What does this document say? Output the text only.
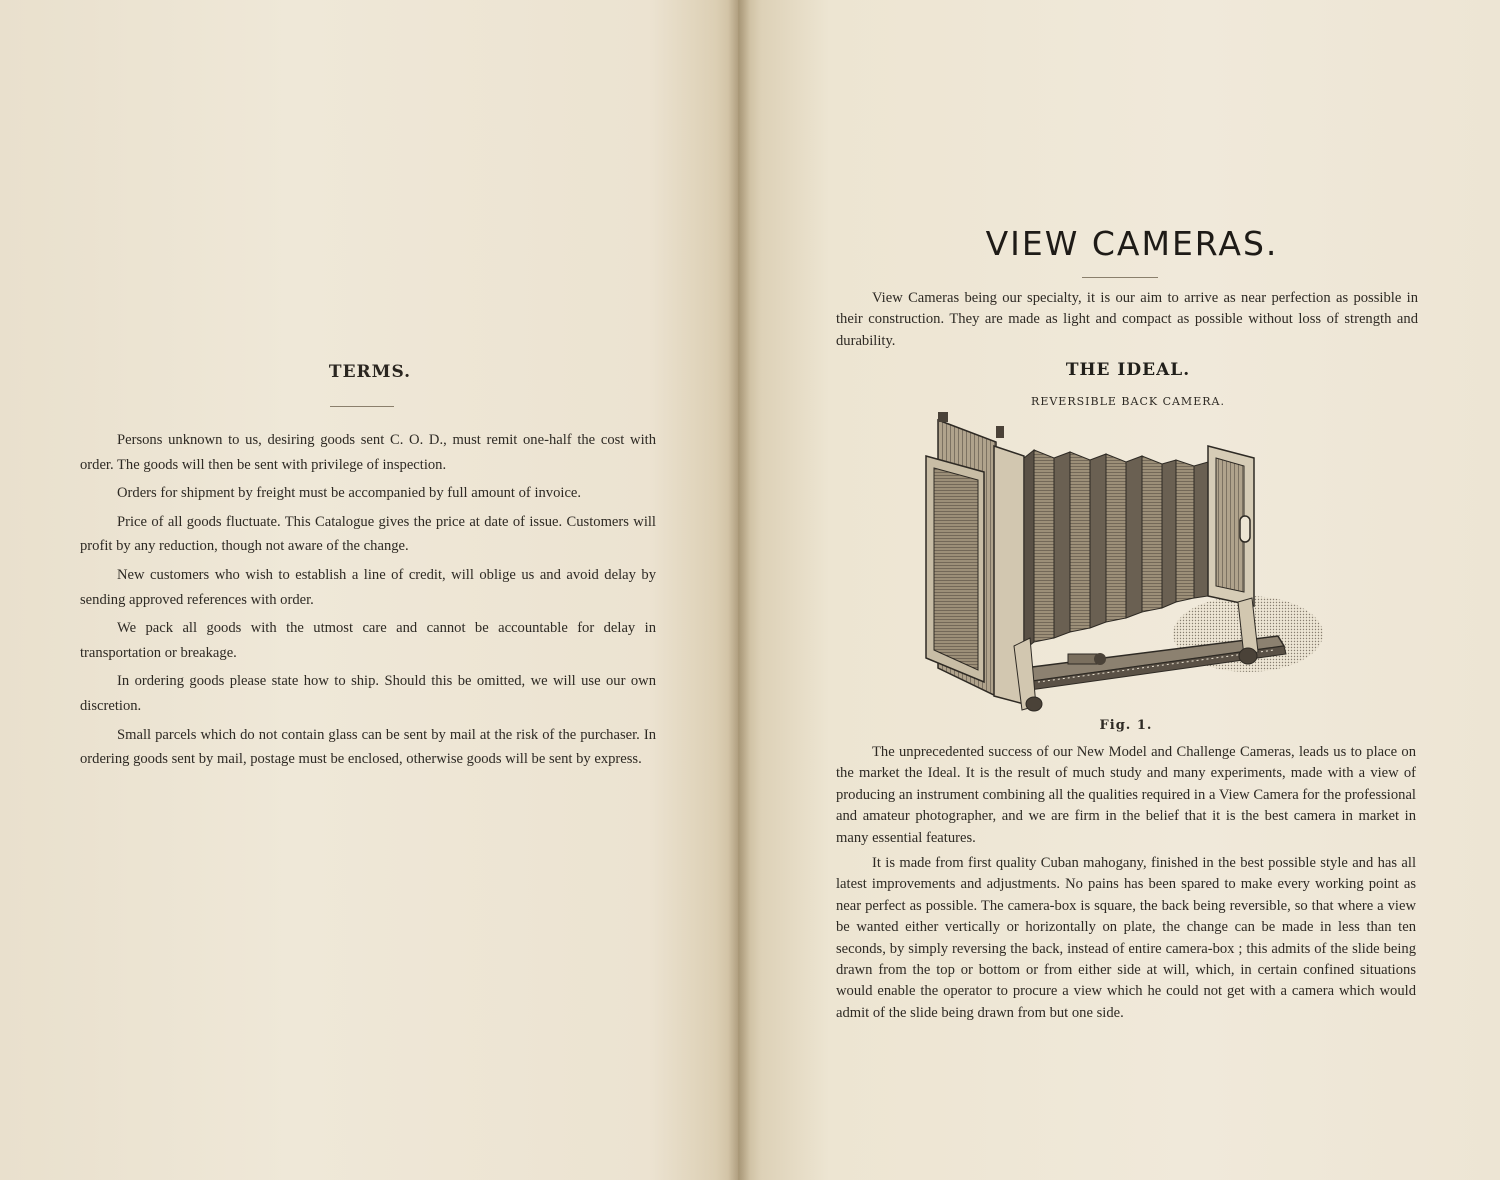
TERMS.

Persons unknown to us, desiring goods sent C. O. D., must remit one-half the cost with order. The goods will then be sent with privilege of inspection.

Orders for shipment by freight must be accompanied by full amount of invoice.

Price of all goods fluctuate. This Catalogue gives the price at date of issue. Customers will profit by any reduction, though not aware of the change.

New customers who wish to establish a line of credit, will oblige us and avoid delay by sending approved references with order.

We pack all goods with the utmost care and cannot be accountable for delay in transportation or breakage.

In ordering goods please state how to ship. Should this be omitted, we will use our own discretion.

Small parcels which do not contain glass can be sent by mail at the risk of the purchaser. In ordering goods sent by mail, postage must be enclosed, otherwise goods will be sent by express.

VIEW CAMERAS.

View Cameras being our specialty, it is our aim to arrive as near perfection as possible in their construction. They are made as light and compact as possible without loss of strength and durability.

THE IDEAL.
REVERSIBLE BACK CAMERA.
Fig. 1.

The unprecedented success of our New Model and Challenge Cameras, leads us to place on the market the Ideal. It is the result of much study and many experiments, made with a view of producing an instrument combining all the qualities required in a View Camera for the professional and amateur photographer, and we are firm in the belief that it is the best camera in market in many essential features.

It is made from first quality Cuban mahogany, finished in the best possible style and has all latest improvements and adjustments. No pains has been spared to make every working point as near perfect as possible. The camera-box is square, the back being reversible, so that where a view be wanted either vertically or horizontally on plate, the change can be made in less than ten seconds, by simply reversing the back, instead of entire camera-box ; this admits of the slide being drawn from the top or bottom or from either side at will, which, in certain confined situations would enable the operator to procure a view which he could not get with a camera which would admit of the slide being drawn from but one side.
